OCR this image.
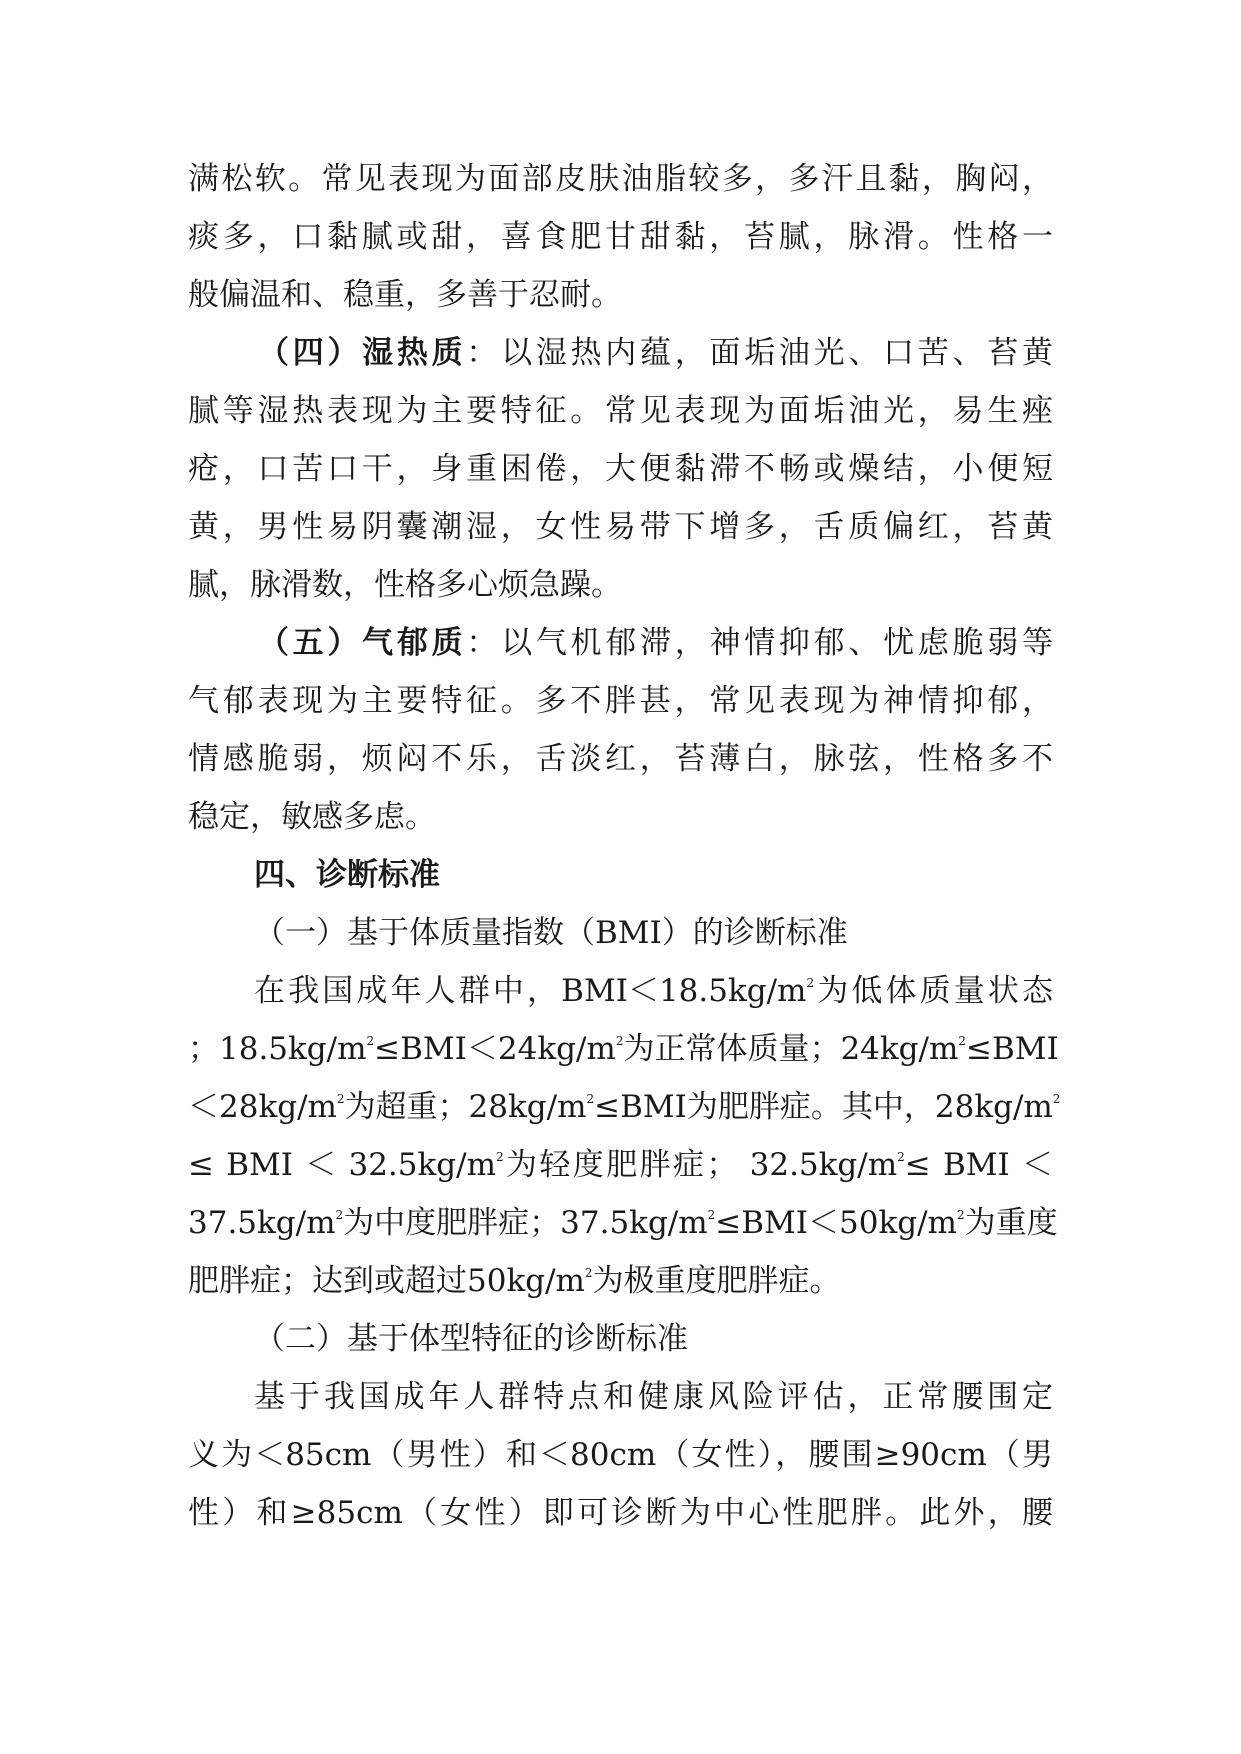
满松软。常见表现为面部皮肤油脂较多，多汗且黏，胸闷，
痰多，口黏腻或甜，喜食肥甘甜黏，苔腻，脉滑。性格一
般偏温和、稳重，多善于忍耐。
（四）湿热质：以湿热内蕴，面垢油光、口苦、苔黄
腻等湿热表现为主要特征。常见表现为面垢油光，易生痤
疮，口苦口干，身重困倦，大便黏滞不畅或燥结，小便短
黄，男性易阴囊潮湿，女性易带下增多，舌质偏红，苔黄
腻，脉滑数，性格多心烦急躁。
（五）气郁质：以气机郁滞，神情抑郁、忧虑脆弱等
气郁表现为主要特征。多不胖甚，常见表现为神情抑郁，
情感脆弱，烦闷不乐，舌淡红，苔薄白，脉弦，性格多不
稳定，敏感多虑。
四、诊断标准
（一）基于体质量指数（BMI）的诊断标准
在我国成年人群中，$BMI<18.5kg/m^2$为低体质量状态
；$18.5kg/m^2\le BMI<24kg/m^2$为正常体质量；$24kg/m^2\le BMI$
$<28kg/m^2$为超重；$28kg/m^2\le BMI$为肥胖症。其中，$28kg/m^2$
≤ BMI ＜ $32.5kg/m^2$为轻度肥胖症； $32.5kg/m^2\le$ BMI ＜
$37.5kg/m^2$为中度肥胖症；$37.5kg/m^2\le BMI<50kg/m^2$为重度
肥胖症；达到或超过$50kg/m^2$为极重度肥胖症。
（二）基于体型特征的诊断标准
基于我国成年人群特点和健康风险评估，正常腰围定
义为＜85cm（男性）和＜80cm（女性），腰围≥90cm（男
性）和≥85cm（女性）即可诊断为中心性肥胖。此外，腰
